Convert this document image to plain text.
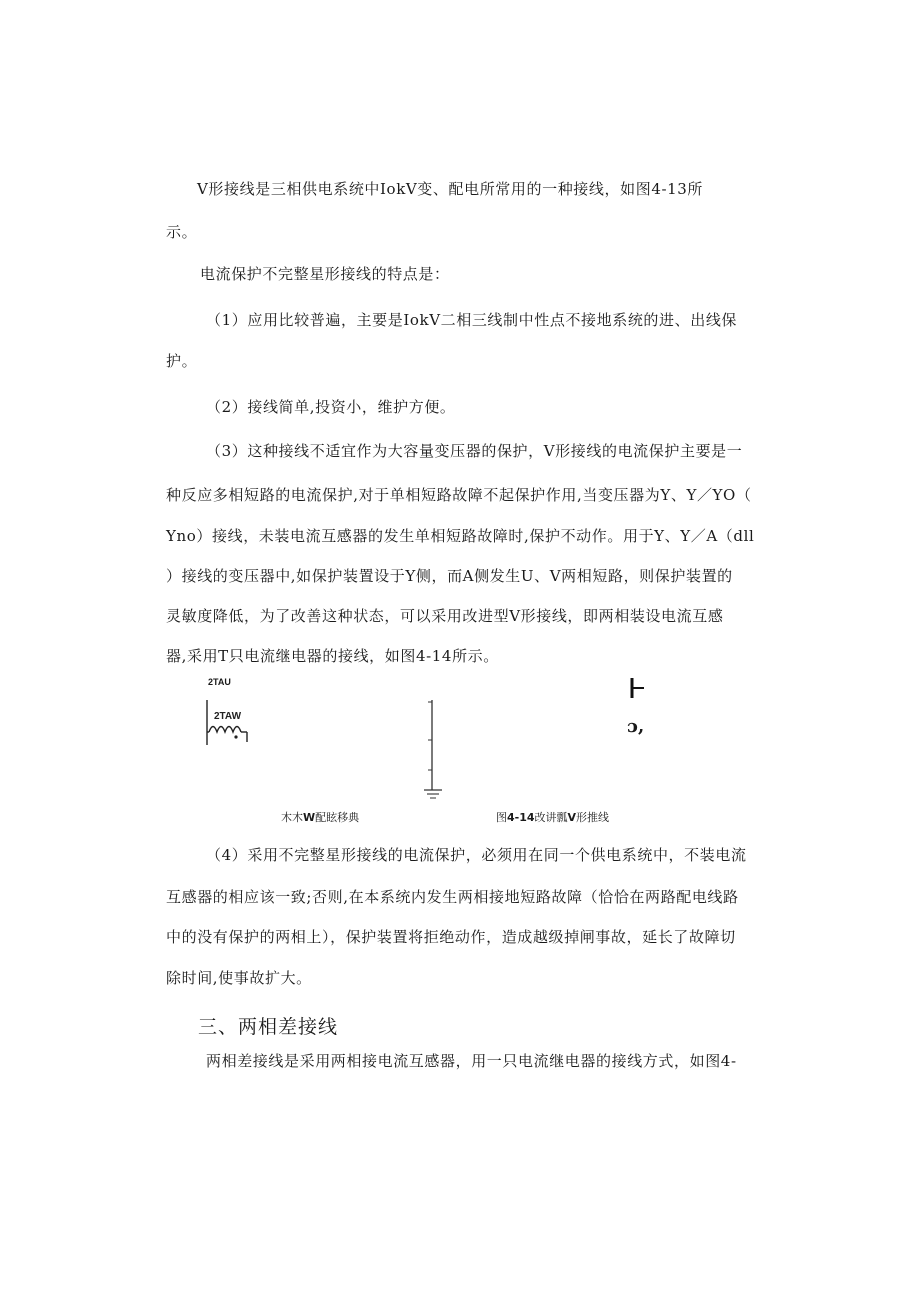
V形接线是三相供电系统中IokV变、配电所常用的一种接线，如图4-13所
示。
电流保护不完整星形接线的特点是：
（1）应用比较普遍，主要是IokV二相三线制中性点不接地系统的进、出线保
护。
（2）接线简单,投资小，维护方便。
（3）这种接线不适宜作为大容量变压器的保护，V形接线的电流保护主要是一
种反应多相短路的电流保护,对于单相短路故障不起保护作用,当变压器为Y、Y／YO（
Yno）接线，未装电流互感器的发生单相短路故障时,保护不动作。用于Y、Y／A（dll
）接线的变压器中,如保护装置设于Y侧，而A侧发生U、V两相短路，则保护装置的
灵敏度降低，为了改善这种状态，可以采用改进型V形接线，即两相装设电流互感
器,采用T只电流继电器的接线，如图4-14所示。
2TAU
2TAW	ɔ,
木木W配眩移典	图4-14改讲瓢V形推线
（4）采用不完整星形接线的电流保护，必须用在同一个供电系统中，不装电流
互感器的相应该一致;否则,在本系统内发生两相接地短路故障（恰恰在两路配电线路
中的没有保护的两相上），保护装置将拒绝动作，造成越级掉闸事故，延长了故障切
除时间,使事故扩大。
三、两相差接线
两相差接线是采用两相接电流互感器，用一只电流继电器的接线方式，如图4-
